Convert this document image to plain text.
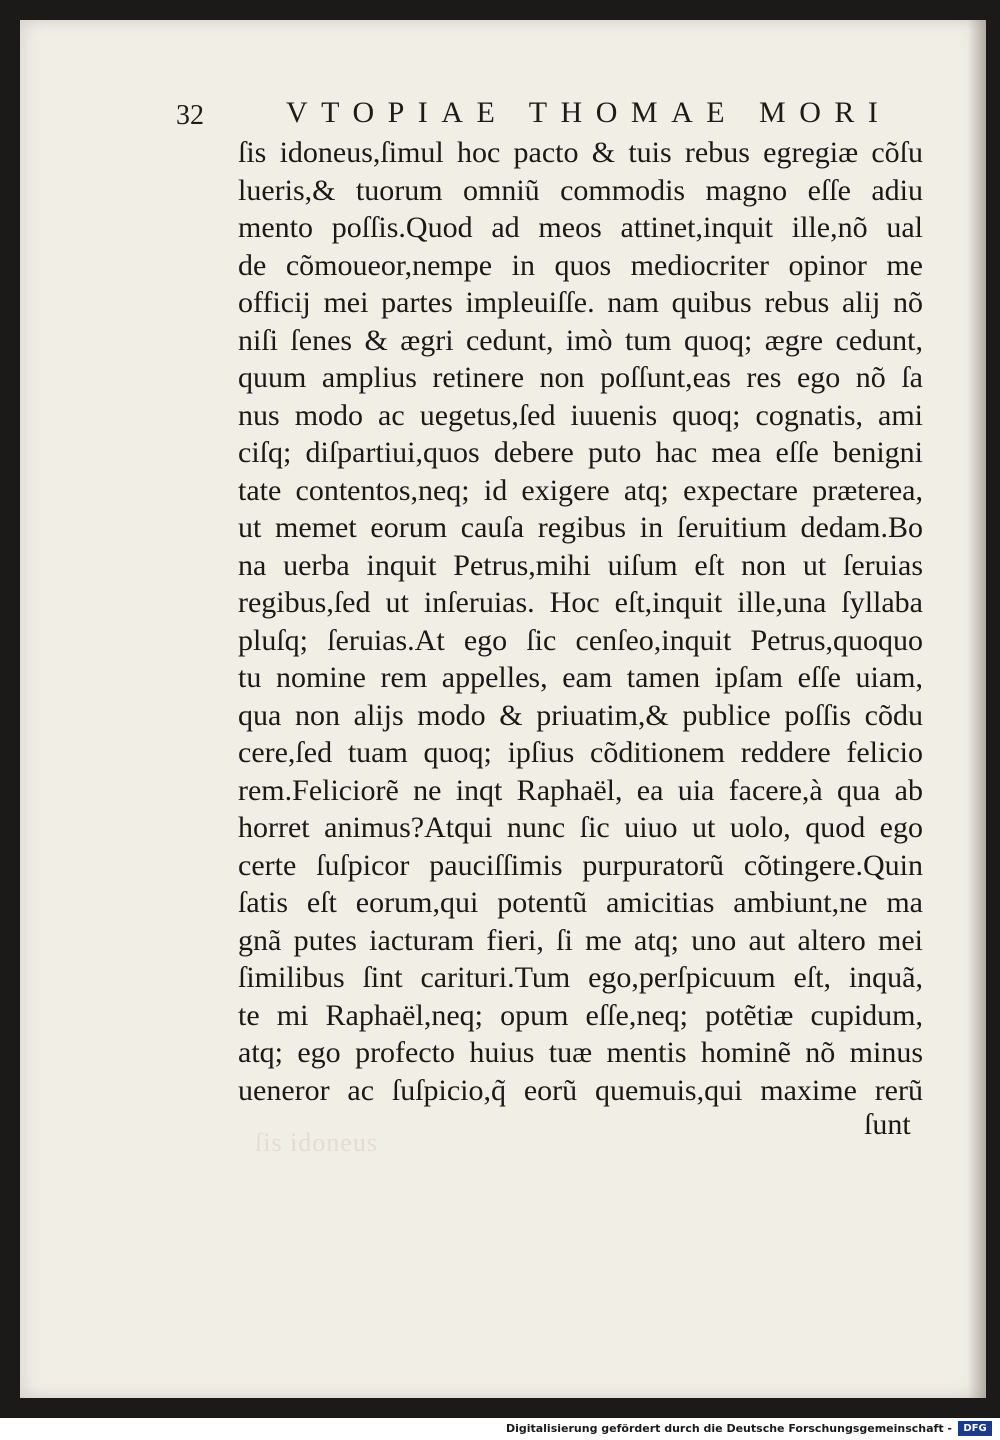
32	VTOPIAE THOMAE MORI
ſis idoneus,ſimul hoc pacto & tuis rebus egregiæ cõſu
lueris,& tuorum omniũ commodis magno eſſe adiu
mento poſſis.Quod ad meos attinet,inquit ille,nõ ual
de cõmoueor,nempe in quos mediocriter opinor me
officij mei partes impleuiſſe. nam quibus rebus alij nõ
niſi ſenes & ægri cedunt, imò tum quoq; ægre cedunt,
quum amplius retinere non poſſunt,eas res ego nõ ſa
nus modo ac uegetus,ſed iuuenis quoq; cognatis, ami
ciſq; diſpartiui,quos debere puto hac mea eſſe benigni
tate contentos,neq; id exigere atq; expectare præterea,
ut memet eorum cauſa regibus in ſeruitium dedam.Bo
na uerba inquit Petrus,mihi uiſum eſt non ut ſeruias
regibus,ſed ut inſeruias. Hoc eſt,inquit ille,una ſyllaba
pluſq; ſeruias.At ego ſic cenſeo,inquit Petrus,quoquo
tu nomine rem appelles, eam tamen ipſam eſſe uiam,
qua non alijs modo & priuatim,& publice poſſis cõdu
cere,ſed tuam quoq; ipſius cõditionem reddere felicio
rem.Feliciorẽ ne inqt Raphaël, ea uia facere,à qua ab
horret animus?Atqui nunc ſic uiuo ut uolo, quod ego
certe ſuſpicor pauciſſimis purpuratorũ cõtingere.Quin
ſatis eſt eorum,qui potentũ amicitias ambiunt,ne ma
gnã putes iacturam fieri, ſi me atq; uno aut altero mei
ſimilibus ſint carituri.Tum ego,perſpicuum eſt, inquã,
te mi Raphaël,neq; opum eſſe,neq; potẽtiæ cupidum,
atq; ego profecto huius tuæ mentis hominẽ nõ minus
ueneror ac ſuſpicio,q̃ eorũ quemuis,qui maxime rerũ
ſis idoneus
ſunt
Digitalisierung gefördert durch die Deutsche Forschungsgemeinschaft -	DFG
